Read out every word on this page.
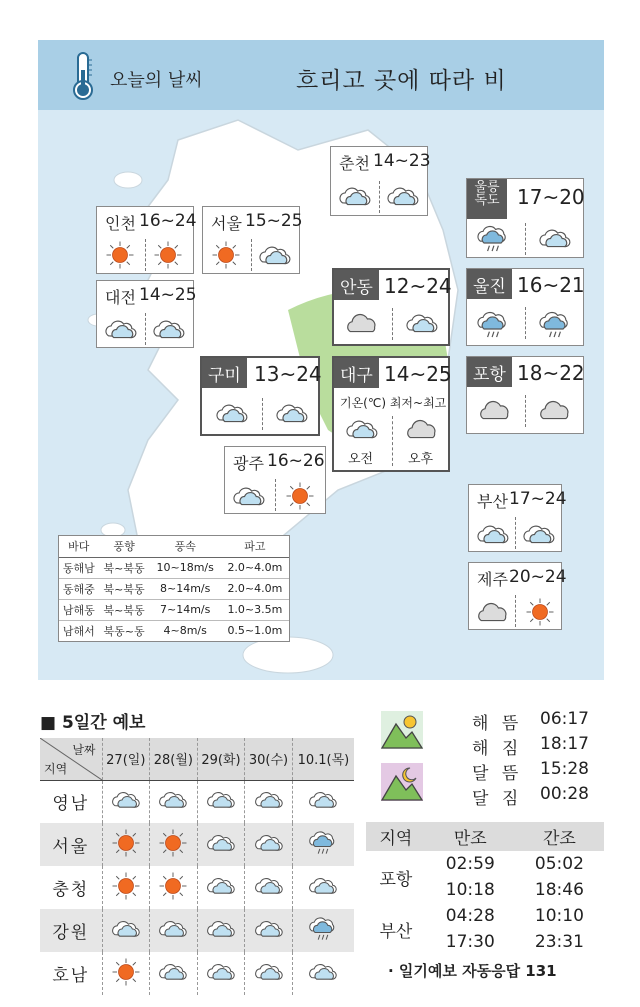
오늘의 날씨	흐리고 곳에 따라 비
춘천 14~23
인천 16~24 서울 15~25
대전 14~25
울릉
독도 17~20
안동 12~24	울진 16~21
구미 13~24	대구 14~25
기온(℃) 최저~최고
오전	오후
포항 18~22
광주 16~26
부산 17~24
제주 20~24
바다	풍향	풍속	파고
동해남	북~북동	10~18m/s	2.0~4.0m
동해중	북~북동	8~14m/s	2.0~4.0m
남해동	북~북동	7~14m/s	1.0~3.5m
남해서	북동~동	4~8m/s	0.5~1.0m
■ 5일간 예보
날짜
지역	27(일)	28(월)	29(화)	30(수)	10.1(목)
영남					
서울					
충청					
강원					
호남					
해 뜸 06:17
해 짐 18:17
달 뜸 15:28
달 짐 00:28
지역	만조	간조
포항	02:59	05:02
	10:18	18:46
부산	04:28	10:10
	17:30	23:31
· 일기예보 자동응답 131
